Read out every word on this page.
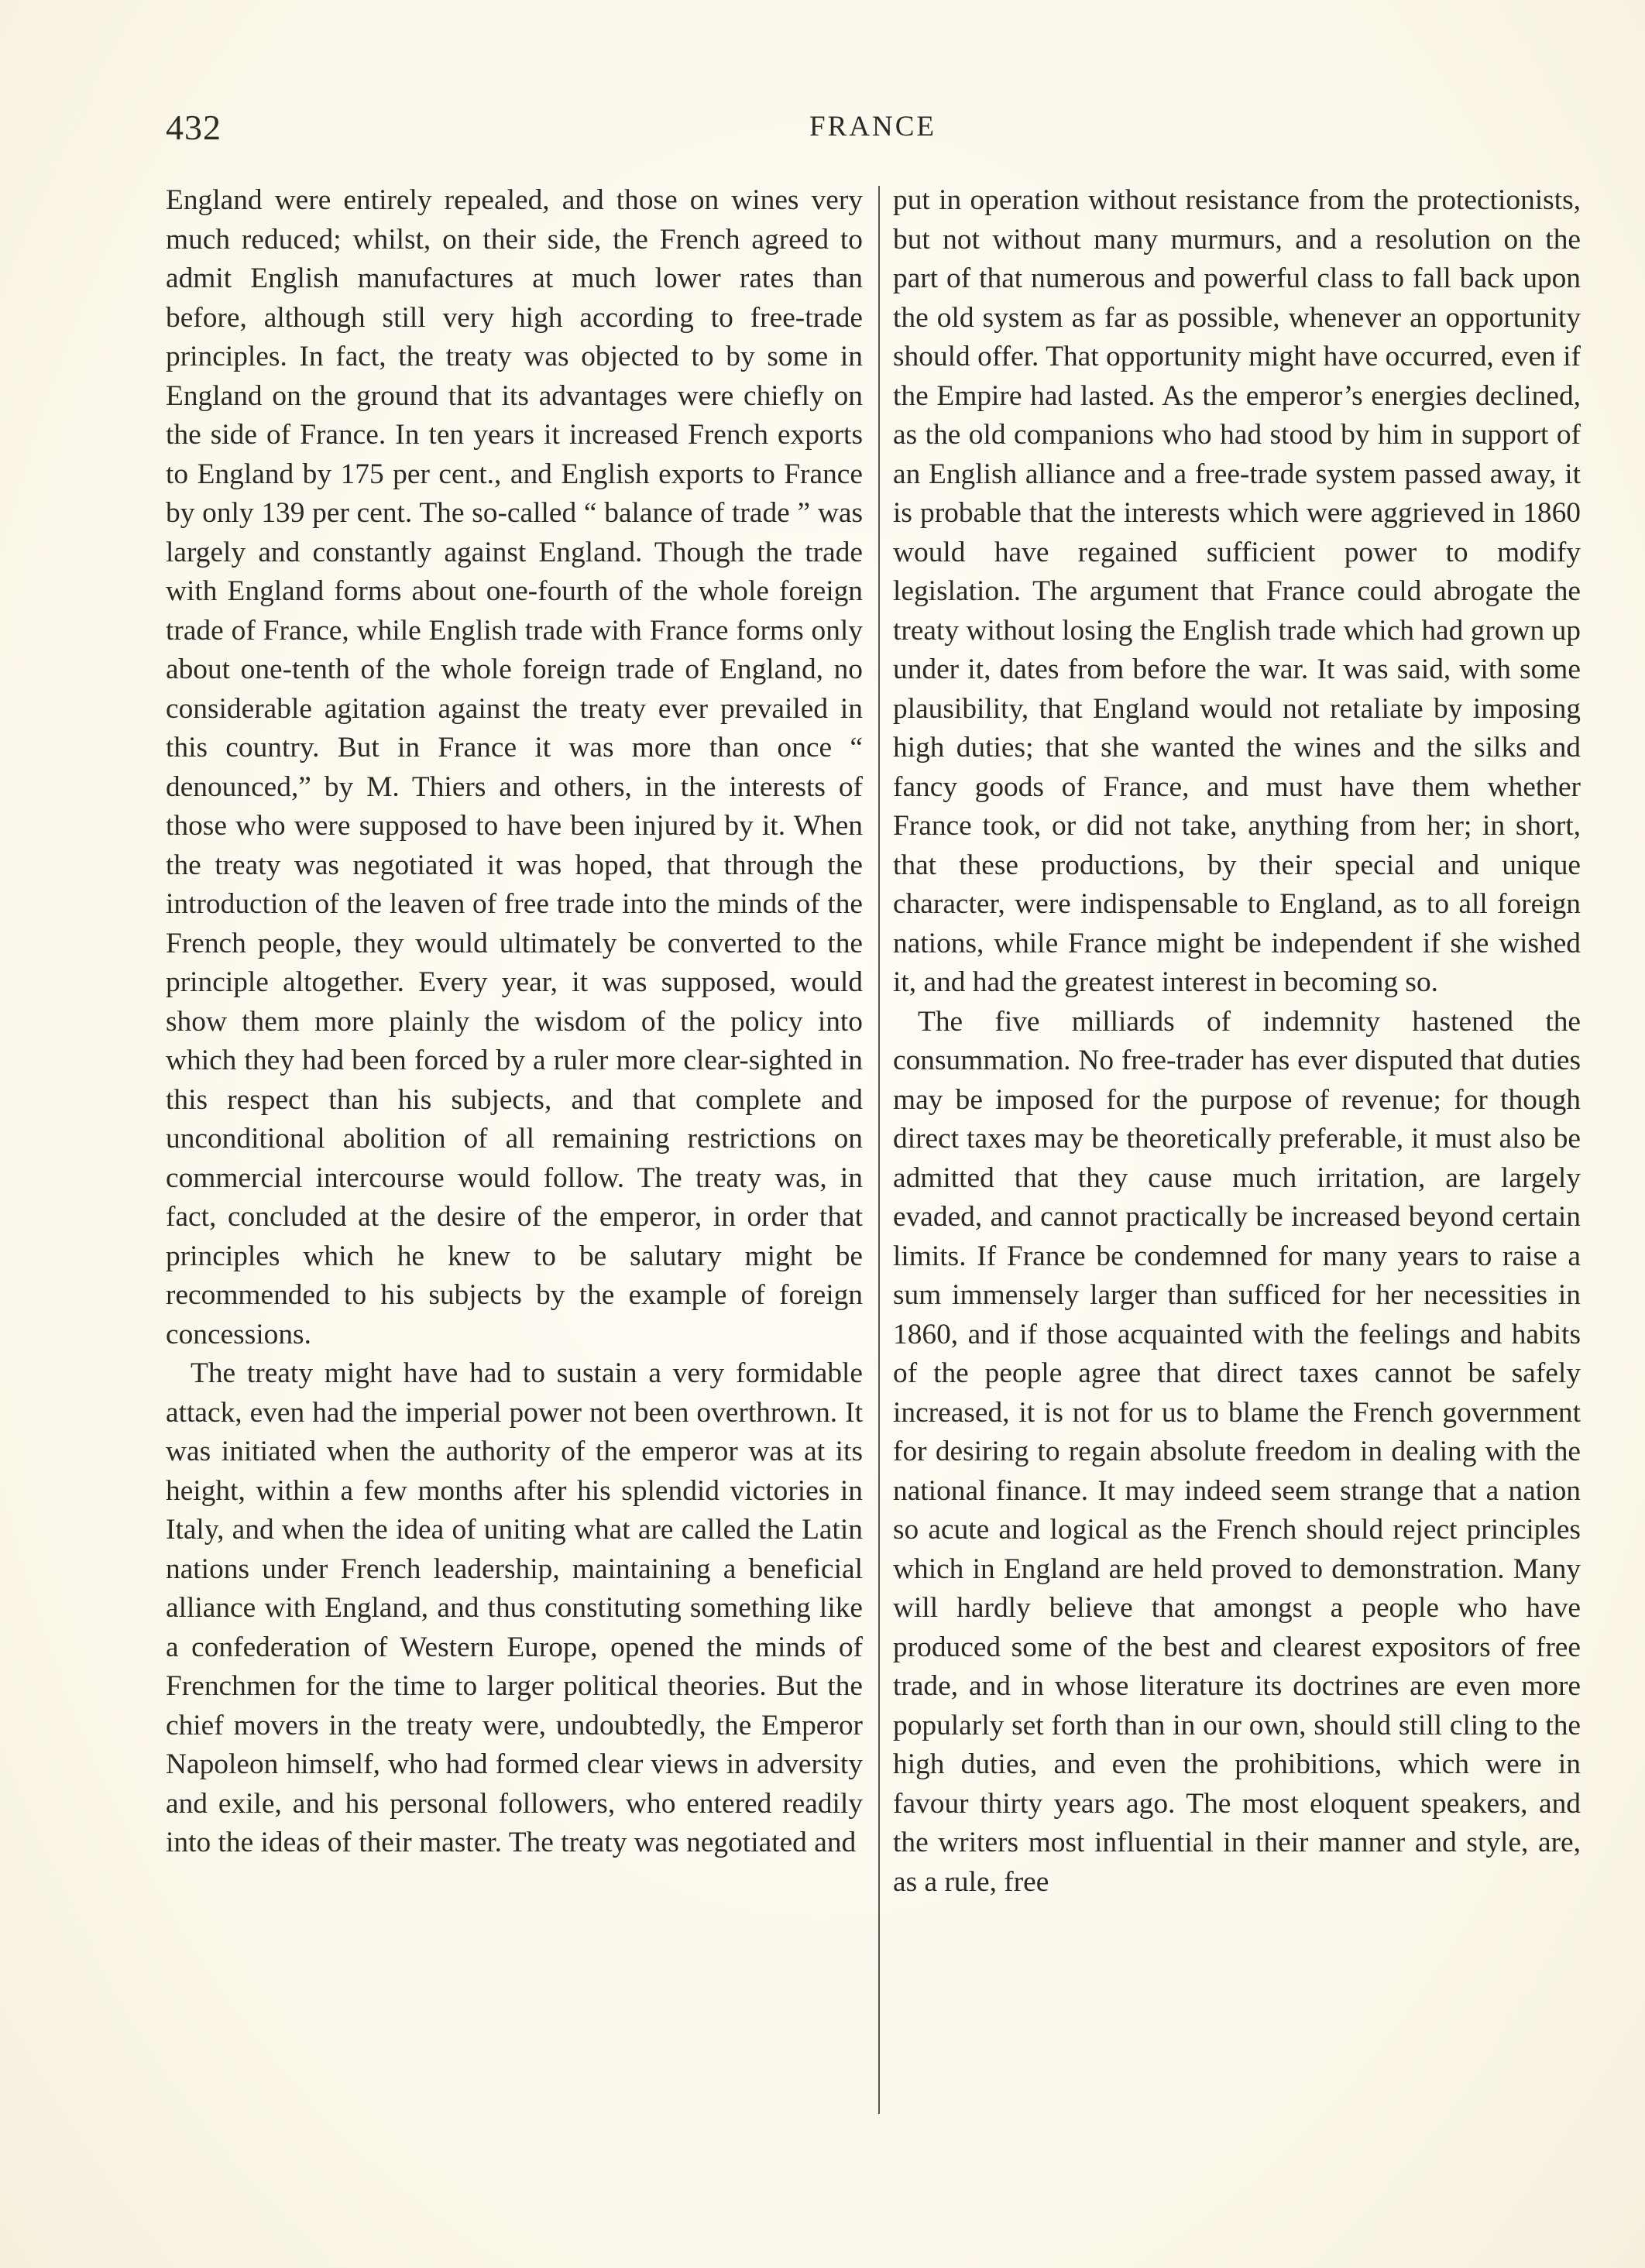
432	FRANCE

England were entirely repealed, and those on wines very much reduced; whilst, on their side, the French agreed to admit English manufactures at much lower rates than before, although still very high according to free-trade principles. In fact, the treaty was objected to by some in England on the ground that its advantages were chiefly on the side of France. In ten years it increased French exports to England by 175 per cent., and English exports to France by only 139 per cent. The so-called “ balance of trade ” was largely and constantly against England. Though the trade with England forms about one-fourth of the whole foreign trade of France, while English trade with France forms only about one-tenth of the whole foreign trade of England, no considerable agitation against the treaty ever prevailed in this country. But in France it was more than once “ denounced,” by M. Thiers and others, in the interests of those who were supposed to have been injured by it. When the treaty was negotiated it was hoped, that through the introduction of the leaven of free trade into the minds of the French people, they would ultimately be converted to the principle altogether. Every year, it was supposed, would show them more plainly the wisdom of the policy into which they had been forced by a ruler more clear-sighted in this respect than his subjects, and that complete and unconditional abolition of all remaining restrictions on commercial intercourse would follow. The treaty was, in fact, concluded at the desire of the emperor, in order that principles which he knew to be salutary might be recommended to his subjects by the example of foreign concessions.

The treaty might have had to sustain a very formidable attack, even had the imperial power not been overthrown. It was initiated when the authority of the emperor was at its height, within a few months after his splendid victories in Italy, and when the idea of uniting what are called the Latin nations under French leadership, maintaining a beneficial alliance with England, and thus constituting something like a confederation of Western Europe, opened the minds of Frenchmen for the time to larger political theories. But the chief movers in the treaty were, undoubtedly, the Emperor Napoleon himself, who had formed clear views in adversity and exile, and his personal followers, who entered readily into the ideas of their master. The treaty was negotiated and

put in operation without resistance from the protectionists, but not without many murmurs, and a resolution on the part of that numerous and powerful class to fall back upon the old system as far as possible, whenever an opportunity should offer. That opportunity might have occurred, even if the Empire had lasted. As the emperor’s energies declined, as the old companions who had stood by him in support of an English alliance and a free-trade system passed away, it is probable that the interests which were aggrieved in 1860 would have regained sufficient power to modify legislation. The argument that France could abrogate the treaty without losing the English trade which had grown up under it, dates from before the war. It was said, with some plausibility, that England would not retaliate by imposing high duties; that she wanted the wines and the silks and fancy goods of France, and must have them whether France took, or did not take, anything from her; in short, that these productions, by their special and unique character, were indispensable to England, as to all foreign nations, while France might be independent if she wished it, and had the greatest interest in becoming so.

The five milliards of indemnity hastened the consummation. No free-trader has ever disputed that duties may be imposed for the purpose of revenue; for though direct taxes may be theoretically preferable, it must also be admitted that they cause much irritation, are largely evaded, and cannot practically be increased beyond certain limits. If France be condemned for many years to raise a sum immensely larger than sufficed for her necessities in 1860, and if those acquainted with the feelings and habits of the people agree that direct taxes cannot be safely increased, it is not for us to blame the French government for desiring to regain absolute freedom in dealing with the national finance. It may indeed seem strange that a nation so acute and logical as the French should reject principles which in England are held proved to demonstration. Many will hardly believe that amongst a people who have produced some of the best and clearest expositors of free trade, and in whose literature its doctrines are even more popularly set forth than in our own, should still cling to the high duties, and even the prohibitions, which were in favour thirty years ago. The most eloquent speakers, and the writers most influential in their manner and style, are, as a rule, free
